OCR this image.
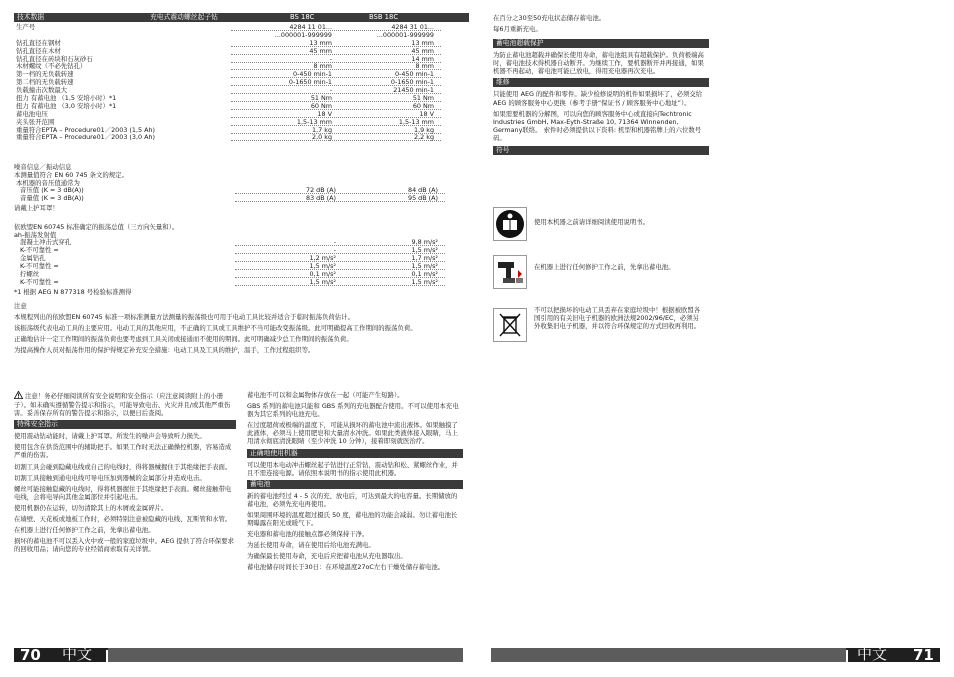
技术数据	充电式震动螺丝起子钻	BS 18C	BSB 18C
生产号	4284 11 01...	4284 31 01...
...000001-999999	...000001-999999
钻孔直径在钢材	13 mm	13 mm
钻孔直径在木材	45 mm	45 mm
钻孔直径在砖块和石灰砂石	-	14 mm
木材螺纹（不必先钻孔）	8 mm	8 mm
第一档的无负载转速	0-450 min-1	0-450 min-1
第二档的无负载转速	0-1650 min-1	0-1650 min-1
负载撞击次数最大	-	21450 min-1
扭力 有蓄电池 （1,5 安培小时）*1	51 Nm	51 Nm
扭力 有蓄电池 （3,0 安培小时）*1	60 Nm	60 Nm
蓄电池电压	18 V	18 V
夹头张开范围	1,5-13 mm	1,5-13 mm
重量符合EPTA – Procedure01／2003 (1,5 Ah)	1,7 kg	1,9 kg
重量符合EPTA – Procedure01／2003 (3,0 Ah)	2,0 kg	2,2 kg
噪音信息／振动信息
本测量值符合 EN 60 745 条文的规定。
本机器的音压值通常为
音压值 (K = 3 dB(A))	72 dB (A)	84 dB (A)
音量值 (K = 3 dB(A))	83 dB (A)	95 dB (A)
请戴上护耳罩！
依欧盟EN 60745 标准确定的振荡总值（三方向矢量和）。
ah-振荡发射值
混凝土冲击式穿孔	-	9,8 m/s²
K-不可靠性 =	-	1,5 m/s²
金属钻孔	1,2 m/s²	1,7 m/s²
K-不可靠性 =	1,5 m/s²	1,5 m/s²
拧螺丝	0,1 m/s²	0,1 m/s²
K-不可靠性 =	1,5 m/s²	1,5 m/s²
*1 根据 AEG N 877318 号检验标准测得
注意
本规程列出的依欧盟EN 60745 标准一项标准测量方法测量的振荡级也可用于电动工具比较并适合于临时振荡负荷估计。
该振荡级代表电动工具的主要应用。电动工具的其他应用，不正确的工具或工具维护不当可能改变振荡级。此可明确提高工作期间的振荡负荷。
正确地估计一定工作期间的振荡负荷也要考虑到工具关闭或接通而不使用的期间。此可明确减少总工作期间的振荡负荷。
为提高操作人员对振荡作用的保护得规定补充安全措施：电动工具及工具的维护，温手，工作过程组织等。

注意！务必仔细阅读所有安全说明和安全指示（应注意阅读附上的小册子）。如未确实遵循警告提示和指示，可能导致电击、火灾并且/或其他严重伤害。妥善保存所有的警告提示和指示，以便日后查阅。

特殊安全指示

使用震动钻动能时，请戴上护耳罩。所发生的噪声会导致听力损失。

使用包含在供货范围中的辅助把手。如果工作时无法正确操控机器，容易造成严重的伤害。

切割工具会碰到隐藏电线或自己的电线时，得将器械握住于其绝缘把手表面。

切割工具接触到通电电线可导电压加到器械的金属部分并造成电击。

螺丝可能接触隐藏的电线时，得将机器握住于其绝缘把手表面。螺丝接触带电电线，会将电导向其他金属部位并引起电击。

使用机器仍在运转，切勿清除其上的木屑或金属碎片。

在墙壁、天花板或地板工作时，必须特别注意被隐藏的电线、瓦斯管和水管。

在机器上进行任何修护工作之前，先拿出蓄电池。

损坏的蓄电池不可以丢入火中或一般的家庭垃圾中。AEG 提供了符合环保要求的回收用品；请向您的专业经销商索取有关详情。

蓄电池不可以和金属物体存放在一起（可能产生短路）。

GBS 系列的蓄电池只能和 GBS 系列的充电器配合使用。不可以使用本充电器为其它系列的电池充电。

在过度超荷或极端的温度下，可能从损坏的蓄电池中流出液体。如果触摸了此液体，必须马上使用肥皂和大量清水冲洗。如果此类液体接入眼睛，马上用清水彻底清洗眼睛（至少冲洗 10 分钟），接着即刻就医治疗。

正确地使用机器

可以使用本电动冲击螺丝起子钻进行正常钻，震动钻和松、紧螺丝作业，并且不需连接电源。请依照本说明书的指示使用此机器。

蓄电池

新的蓄电池经过 4 - 5 次的充、放电后，可达到最大的电容量。长期储放的蓄电池，必须先充电再使用。

如果周围环境的温度超过摄氏 50 度，蓄电池的功能会减弱。勿让蓄电池长期曝露在阳光或暖气下。

充电器和蓄电池的接触点都必须保持干净。

为延长使用寿命，请在使用后给电池充满电。

为确保最长使用寿命，充电后应把蓄电池从充电器取出。

蓄电池储存时间长于30日：在环境温度27oC左右干燥处储存蓄电池。

70 中文
在百分之30至50充电状态储存蓄电池。
每6月重新充电。
蓄电池超载保护

为防止蓄电池超载并确保长使用寿命，蓄电池组具有超载保护。负荷极端高时，蓄电池技术得机器自动断开。为继续工作，要机器断开并再接通，如果机器不再起动，蓄电池可能已放电，得用充电器再次充电。

维修

只能使用 AEG 的配件和零件。缺少检修说明的机件如果损坏了，必须交给 AEG 的顾客服务中心更换（参考手册“保证书 / 顾客服务中心地址”）。

如果需要机器的分解图，可以向您的顾客服务中心或直接向Techtronic Industries GmbH, Max-Eyth-Straße 10, 71364 Winnenden, Germany联络。 索件时必须提供以下资料: 机型和机器铭牌上的六位数号码。

符号
使用本机器之前请详细阅读使用说明书。
在机器上进行任何修护工作之前，先拿出蓄电池。
不可以把损坏的电动工具丢弃在家庭垃圾中！根据被欧盟各国引用的有关旧电子机器的欧洲法规2002/96/EC，必须另外收集旧电子机器，并以符合环保规定的方式回收再利用。
中文 71
